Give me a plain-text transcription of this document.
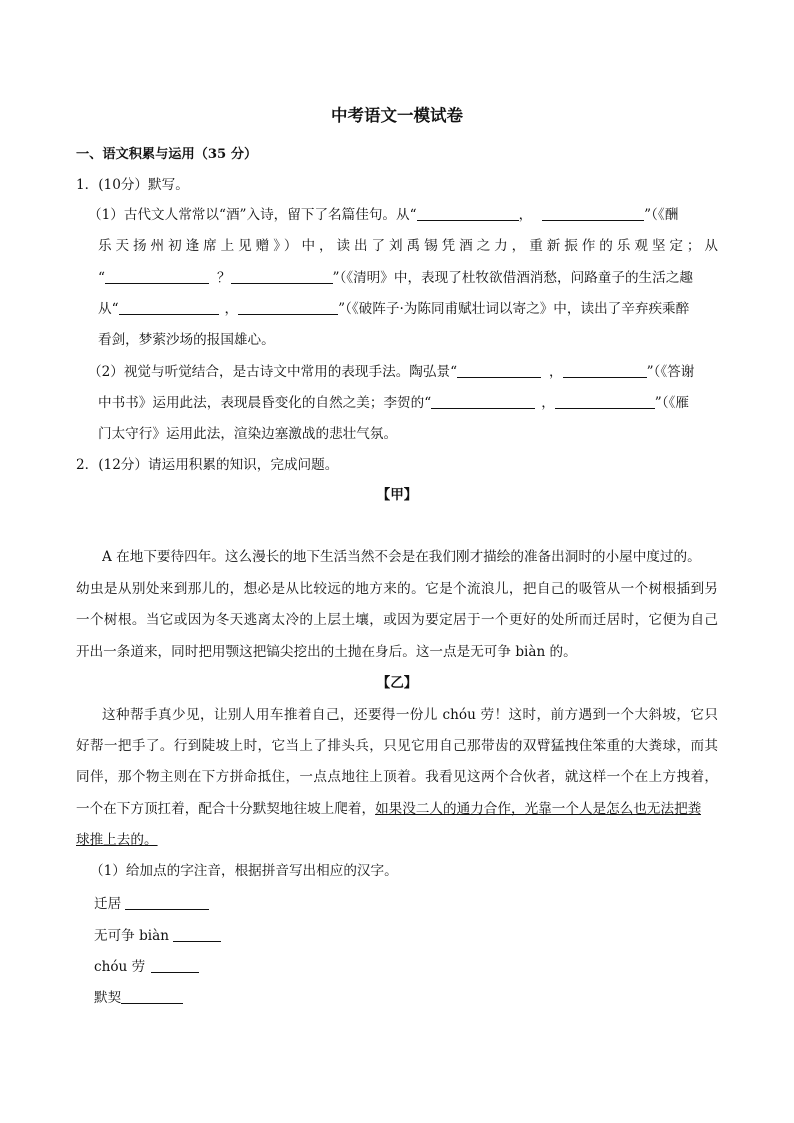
中考语文一模试卷
一、语文积累与运用（35 分）
1．(10分）默写。
（1）古代文人常常以“酒”入诗，留下了名篇佳句。从“	，	”（《酬
乐天扬州初逢席上见赠》）中，读出了刘禹锡凭酒之力，重新振作的乐观坚定；从
“	？	”（《清明》中，表现了杜牧欲借酒消愁，问路童子的生活之趣
从“	，	”（《破阵子·为陈同甫赋壮词以寄之》中，读出了辛弃疾乘醉
看剑，梦萦沙场的报国雄心。
（2）视觉与听觉结合，是古诗文中常用的表现手法。陶弘景“	，	”（《答谢
中书书》运用此法，表现晨昏变化的自然之美；李贺的“	，	”（《雁
门太守行》运用此法，渲染边塞激战的悲壮气氛。
2．(12分）请运用积累的知识，完成问题。
【甲】
A 在地下要待四年。这么漫长的地下生活当然不会是在我们刚才描绘的准备出洞时的小屋中度过的。
幼虫是从别处来到那儿的，想必是从比较远的地方来的。它是个流浪儿，把自己的吸管从一个树根插到另
一个树根。当它或因为冬天逃离太冷的上层土壤，或因为要定居于一个更好的处所而迁居时，它便为自己
开出一条道来，同时把用颚这把镐尖挖出的土抛在身后。这一点是无可争 biàn 的。
【乙】
这种帮手真少见，让别人用车推着自己，还要得一份儿 chóu 劳！这时，前方遇到一个大斜坡，它只
好帮一把手了。行到陡坡上时，它当上了排头兵，只见它用自己那带齿的双臂猛拽住笨重的大粪球，而其
同伴，那个物主则在下方拼命抵住，一点点地往上顶着。我看见这两个合伙者，就这样一个在上方拽着，
一个在下方顶扛着，配合十分默契地往坡上爬着，如果没二人的通力合作，光靠一个人是怎么也无法把粪
球推上去的。
（1）给加点的字注音，根据拼音写出相应的汉字。
迁居
无可争 biàn
chóu 劳
默契
